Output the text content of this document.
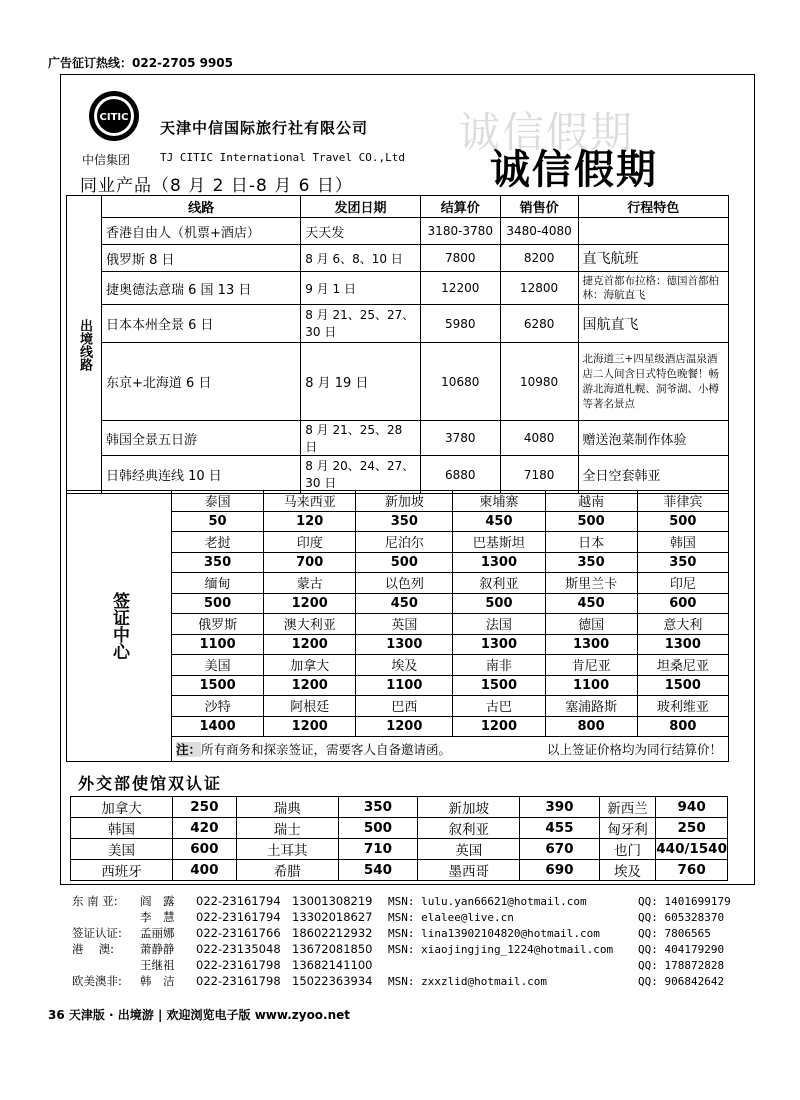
广告征订热线：022-2705 9905
CITIC
天津中信国际旅行社有限公司
中信集团	TJ CITIC International Travel CO.,Ltd
同业产品（8 月 2 日-8 月 6 日）
诚信假期
诚信假期
出境线路	线路	发团日期	结算价	销售价	行程特色
	香港自由人（机票+酒店）	天天发	3180-3780	3480-4080	
	俄罗斯 8 日	8 月 6、8、10 日	7800	8200	直飞航班
	捷奥德法意瑞 6 国 13 日	9 月 1 日	12200	12800	捷克首都布拉格：德国首都柏林：海航直飞
	日本本州全景 6 日	8 月 21、25、27、30 日	5980	6280	国航直飞
	东京+北海道 6 日	8 月 19 日	10680	10980	北海道三+四星级酒店温泉酒店二人间含日式特色晚餐！畅游北海道札幌、洞爷湖、小樽等著名景点
	韩国全景五日游	8 月 21、25、28 日	3780	4080	赠送泡菜制作体验
	日韩经典连线 10 日	8 月 20、24、27、30 日	6880	7180	全日空套韩亚
签证中心	泰国	马来西亚	新加坡	柬埔寨	越南	菲律宾
	50	120	350	450	500	500
	老挝	印度	尼泊尔	巴基斯坦	日本	韩国
	350	700	500	1300	350	350
	缅甸	蒙古	以色列	叙利亚	斯里兰卡	印尼
	500	1200	450	500	450	600
	俄罗斯	澳大利亚	英国	法国	德国	意大利
	1100	1200	1300	1300	1300	1300
	美国	加拿大	埃及	南非	肯尼亚	坦桑尼亚
	1500	1200	1100	1500	1100	1500
	沙特	阿根廷	巴西	古巴	塞浦路斯	玻利维亚
	1400	1200	1200	1200	800	800
	注：所有商务和探亲签证，需要客人自备邀请函。 以上签证价格均为同行结算价！					
外交部使馆双认证
加拿大	250	瑞典	350	新加坡	390	新西兰	940
韩国	420	瑞士	500	叙利亚	455	匈牙利	250
美国	600	土耳其	710	英国	670	也门	440/1540
西班牙	400	希腊	540	墨西哥	690	埃及	760
东 南 亚:	阎　露	022-23161794	13001308219	MSN: lulu.yan66621@hotmail.com	QQ: 1401699179
	李　慧	022-23161794	13302018627	MSN: elalee@live.cn	QQ: 605328370
签证认证:	孟丽娜	022-23161766	18602212932	MSN: lina13902104820@hotmail.com	QQ: 7806565
港　 澳:	萧静静	022-23135048	13672081850	MSN: xiaojingjing_1224@hotmail.com	QQ: 404179290
	王继祖	022-23161798	13682141100		QQ: 178872828
欧美澳非:	韩　洁	022-23161798	15022363934	MSN: zxxzlid@hotmail.com	QQ: 906842642
36 天津版 · 出境游 | 欢迎浏览电子版 www.zyoo.net
